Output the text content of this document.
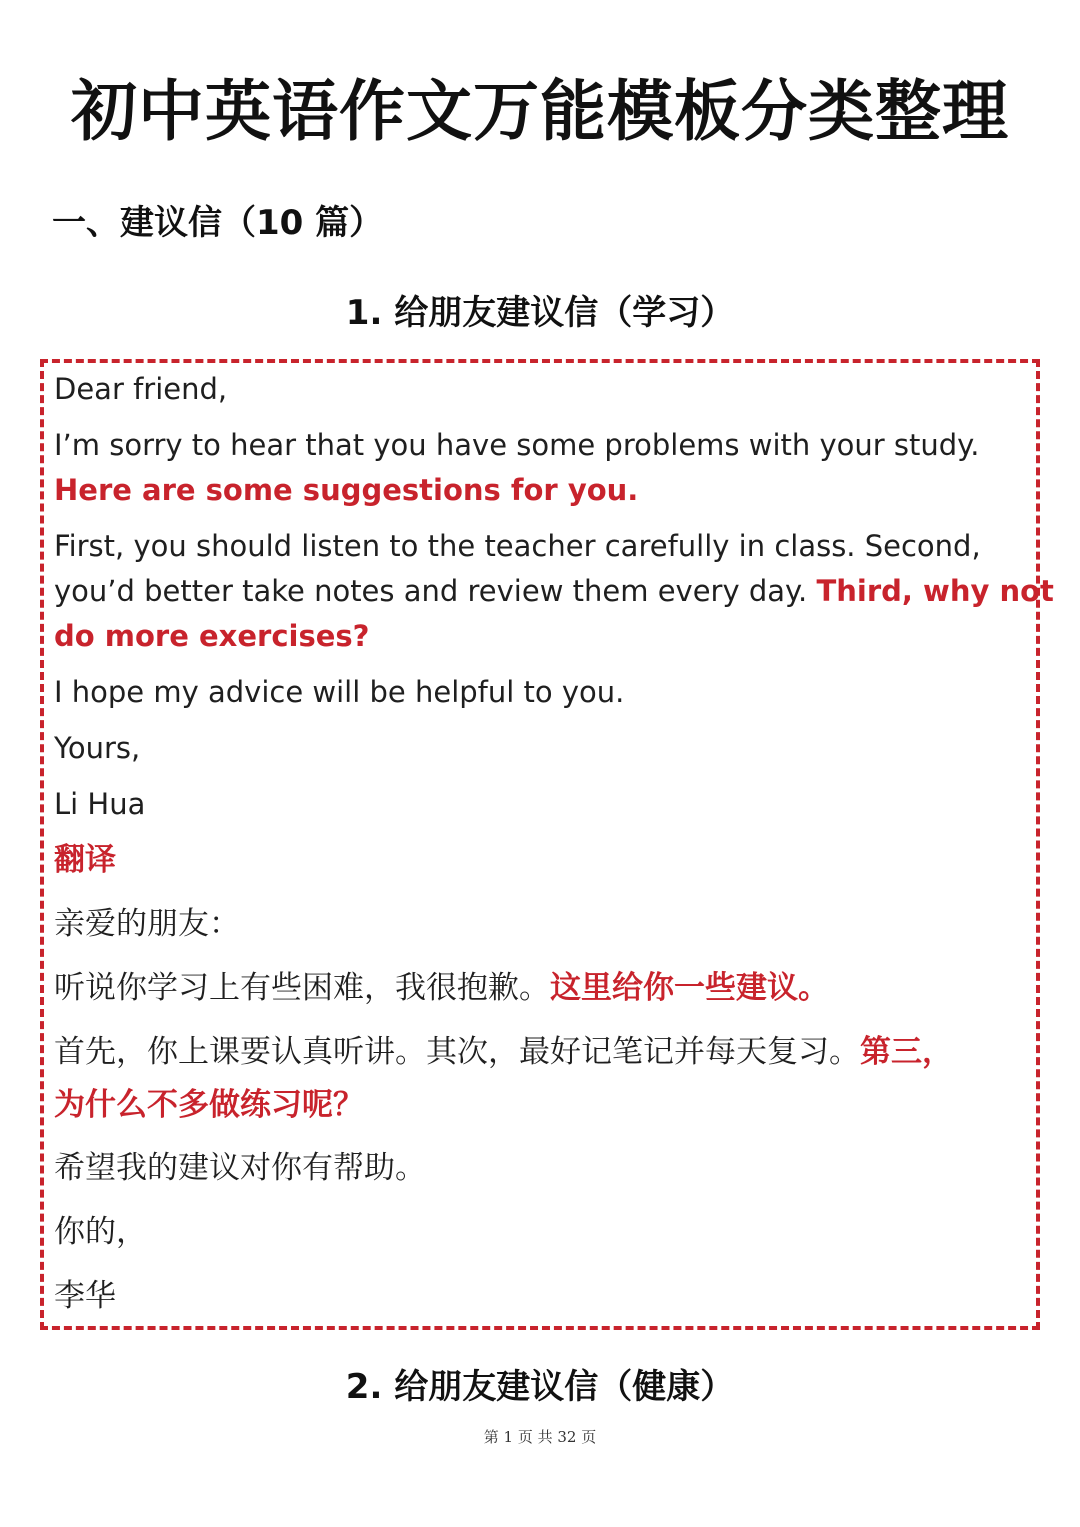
初中英语作文万能模板分类整理
一、建议信（10 篇）
1. 给朋友建议信（学习）
Dear friend,
I’m sorry to hear that you have some problems with your study.
Here are some suggestions for you.
First, you should listen to the teacher carefully in class. Second,
you’d better take notes and review them every day. Third, why not
do more exercises?
I hope my advice will be helpful to you.
Yours,
Li Hua
翻译
亲爱的朋友：
听说你学习上有些困难，我很抱歉。这里给你一些建议。
首先，你上课要认真听讲。其次，最好记笔记并每天复习。第三，
为什么不多做练习呢？
希望我的建议对你有帮助。
你的，
李华
2. 给朋友建议信（健康）
第 1 页 共 32 页
